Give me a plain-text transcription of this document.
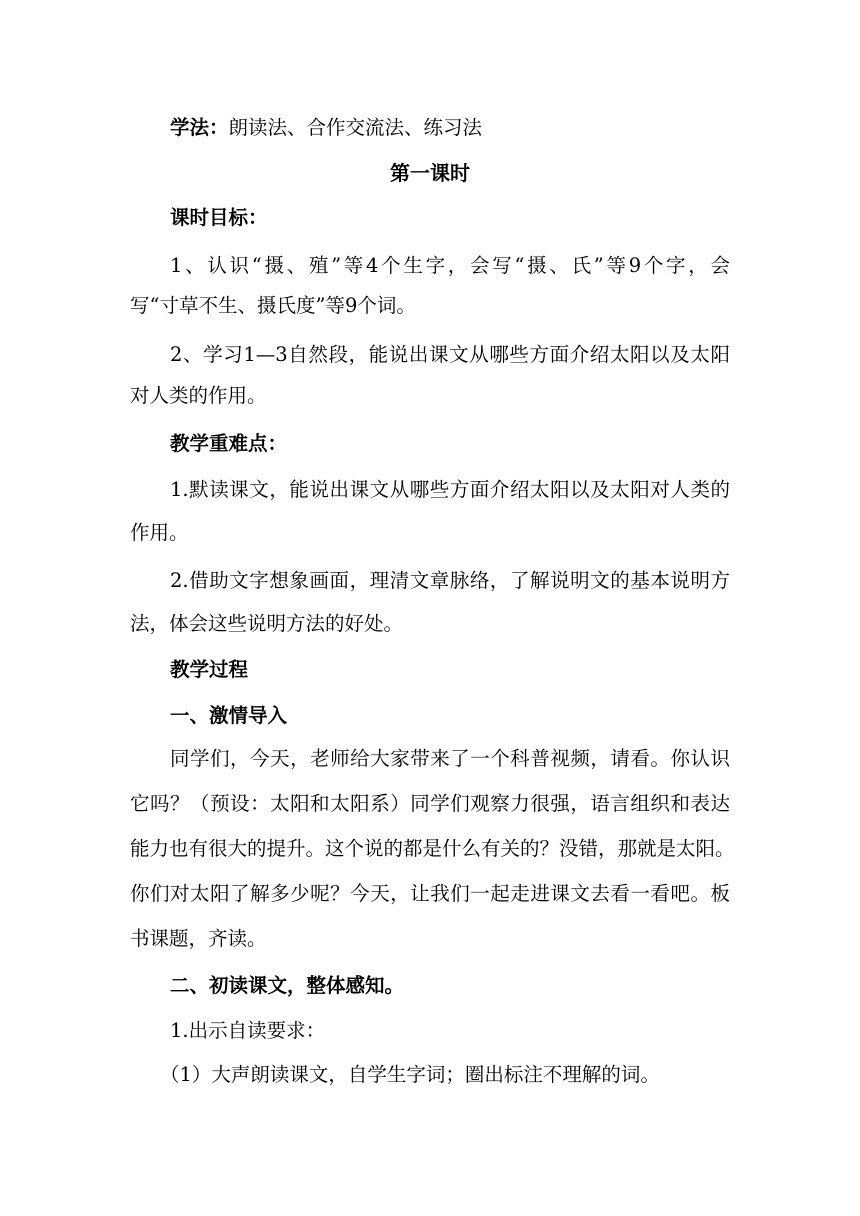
学法：朗读法、合作交流法、练习法
第一课时
课时目标：
1、认识“摄、殖”等4个生字，会写“摄、氏”等9个字，会
写“寸草不生、摄氏度”等9个词。
2、学习1—3自然段，能说出课文从哪些方面介绍太阳以及太阳
对人类的作用。
教学重难点：
1.默读课文，能说出课文从哪些方面介绍太阳以及太阳对人类的
作用。
2.借助文字想象画面，理清文章脉络，了解说明文的基本说明方
法，体会这些说明方法的好处。
教学过程
一、激情导入
同学们，今天，老师给大家带来了一个科普视频，请看。你认识
它吗？（预设：太阳和太阳系）同学们观察力很强，语言组织和表达
能力也有很大的提升。这个说的都是什么有关的？没错，那就是太阳。
你们对太阳了解多少呢？今天，让我们一起走进课文去看一看吧。板
书课题，齐读。
二、初读课文，整体感知。
1.出示自读要求：
（1）大声朗读课文，自学生字词；圈出标注不理解的词。
